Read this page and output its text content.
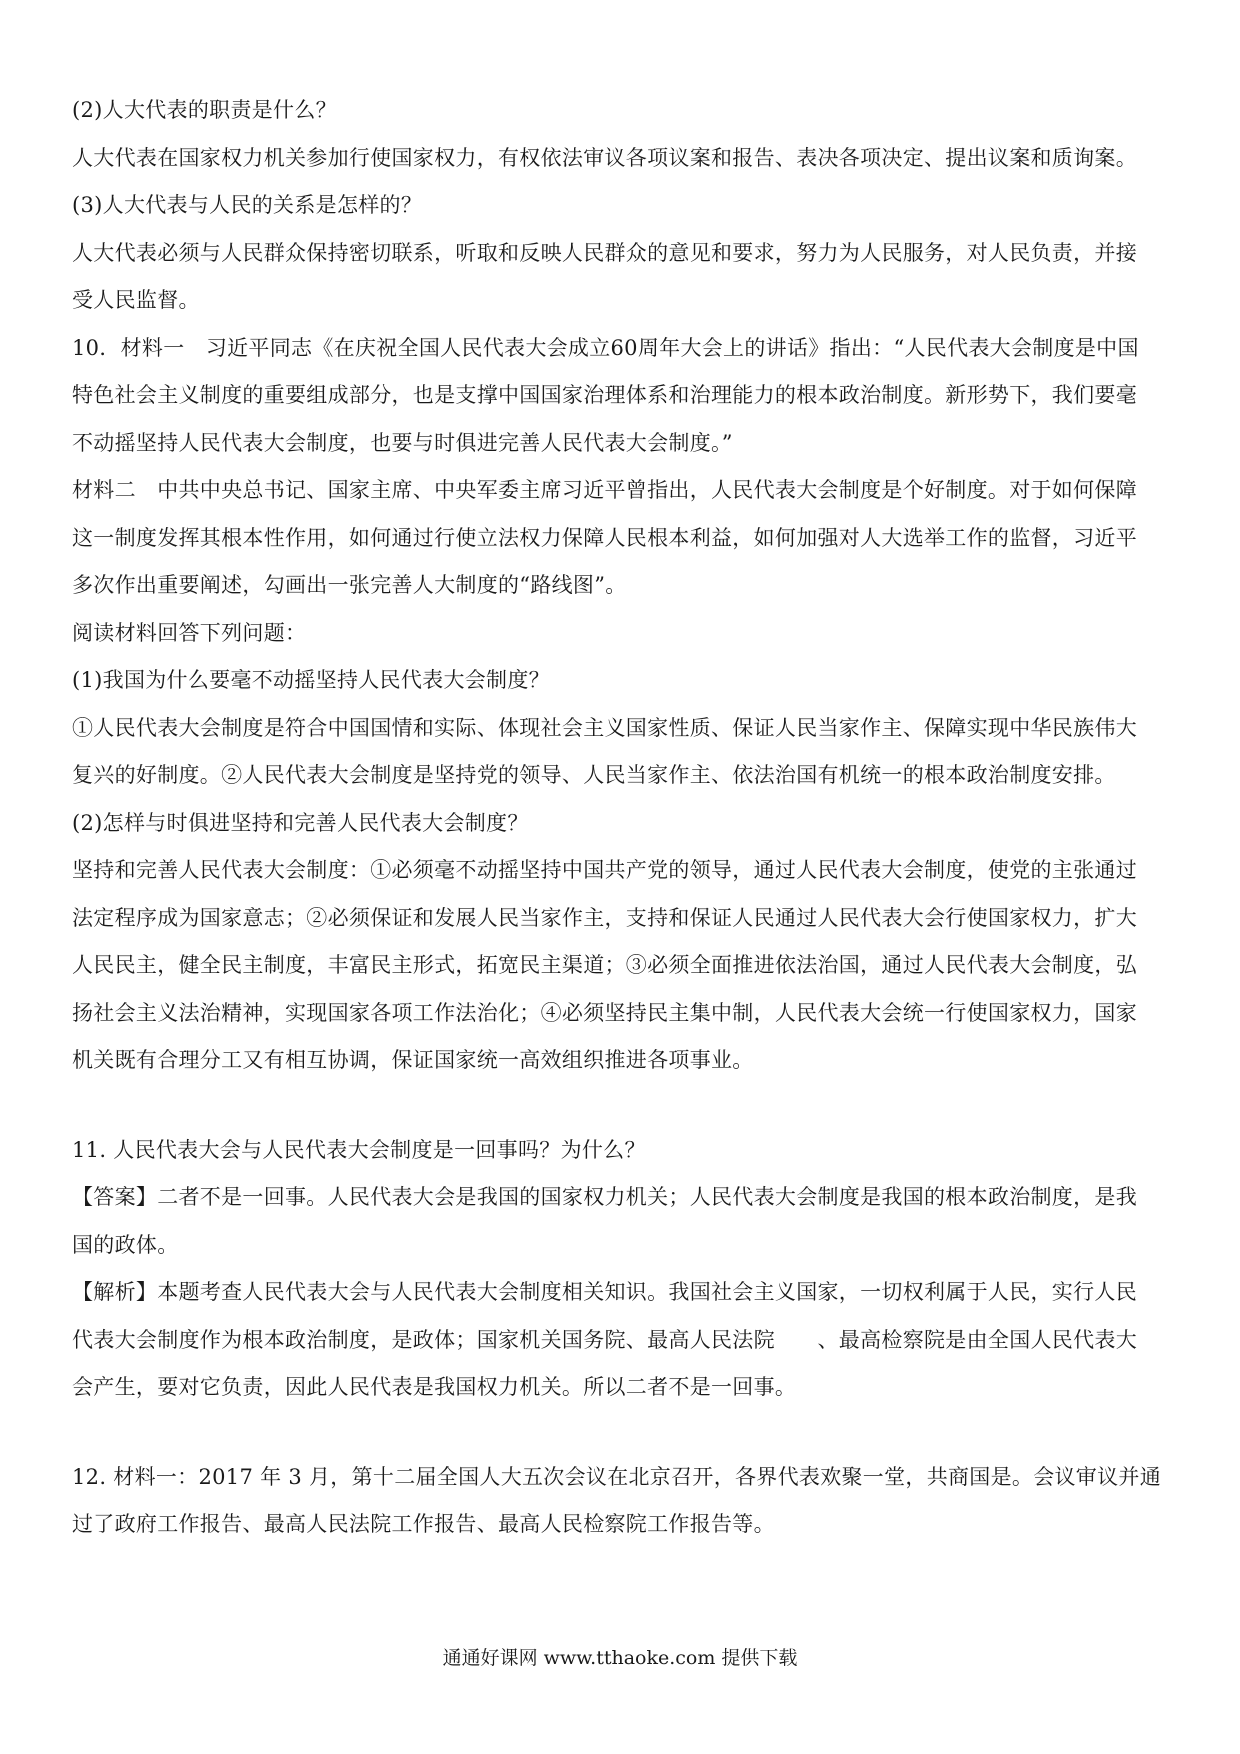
(2)人大代表的职责是什么？

人大代表在国家权力机关参加行使国家权力，有权依法审议各项议案和报告、表决各项决定、提出议案和质询案。

(3)人大代表与人民的关系是怎样的？

人大代表必须与人民群众保持密切联系，听取和反映人民群众的意见和要求，努力为人民服务，对人民负责，并接

受人民监督。

10．材料一　习近平同志《在庆祝全国人民代表大会成立60周年大会上的讲话》指出：“人民代表大会制度是中国

特色社会主义制度的重要组成部分，也是支撑中国国家治理体系和治理能力的根本政治制度。新形势下，我们要毫

不动摇坚持人民代表大会制度，也要与时俱进完善人民代表大会制度。”

材料二　中共中央总书记、国家主席、中央军委主席习近平曾指出，人民代表大会制度是个好制度。对于如何保障

这一制度发挥其根本性作用，如何通过行使立法权力保障人民根本利益，如何加强对人大选举工作的监督，习近平

多次作出重要阐述，勾画出一张完善人大制度的“路线图”。

阅读材料回答下列问题：

(1)我国为什么要毫不动摇坚持人民代表大会制度？

①人民代表大会制度是符合中国国情和实际、体现社会主义国家性质、保证人民当家作主、保障实现中华民族伟大

复兴的好制度。②人民代表大会制度是坚持党的领导、人民当家作主、依法治国有机统一的根本政治制度安排。

(2)怎样与时俱进坚持和完善人民代表大会制度？

坚持和完善人民代表大会制度：①必须毫不动摇坚持中国共产党的领导，通过人民代表大会制度，使党的主张通过

法定程序成为国家意志；②必须保证和发展人民当家作主，支持和保证人民通过人民代表大会行使国家权力，扩大

人民民主，健全民主制度，丰富民主形式，拓宽民主渠道；③必须全面推进依法治国，通过人民代表大会制度，弘

扬社会主义法治精神，实现国家各项工作法治化；④必须坚持民主集中制，人民代表大会统一行使国家权力，国家

机关既有合理分工又有相互协调，保证国家统一高效组织推进各项事业。

11. 人民代表大会与人民代表大会制度是一回事吗？为什么？

【答案】二者不是一回事。人民代表大会是我国的国家权力机关；人民代表大会制度是我国的根本政治制度，是我

国的政体。

【解析】本题考查人民代表大会与人民代表大会制度相关知识。我国社会主义国家，一切权利属于人民，实行人民

代表大会制度作为根本政治制度，是政体；国家机关国务院、最高人民法院　　、最高检察院是由全国人民代表大

会产生，要对它负责，因此人民代表是我国权力机关。所以二者不是一回事。

12. 材料一：2017 年 3 月，第十二届全国人大五次会议在北京召开，各界代表欢聚一堂，共商国是。会议审议并通

过了政府工作报告、最高人民法院工作报告、最高人民检察院工作报告等。

通通好课网 www.tthaoke.com 提供下载
